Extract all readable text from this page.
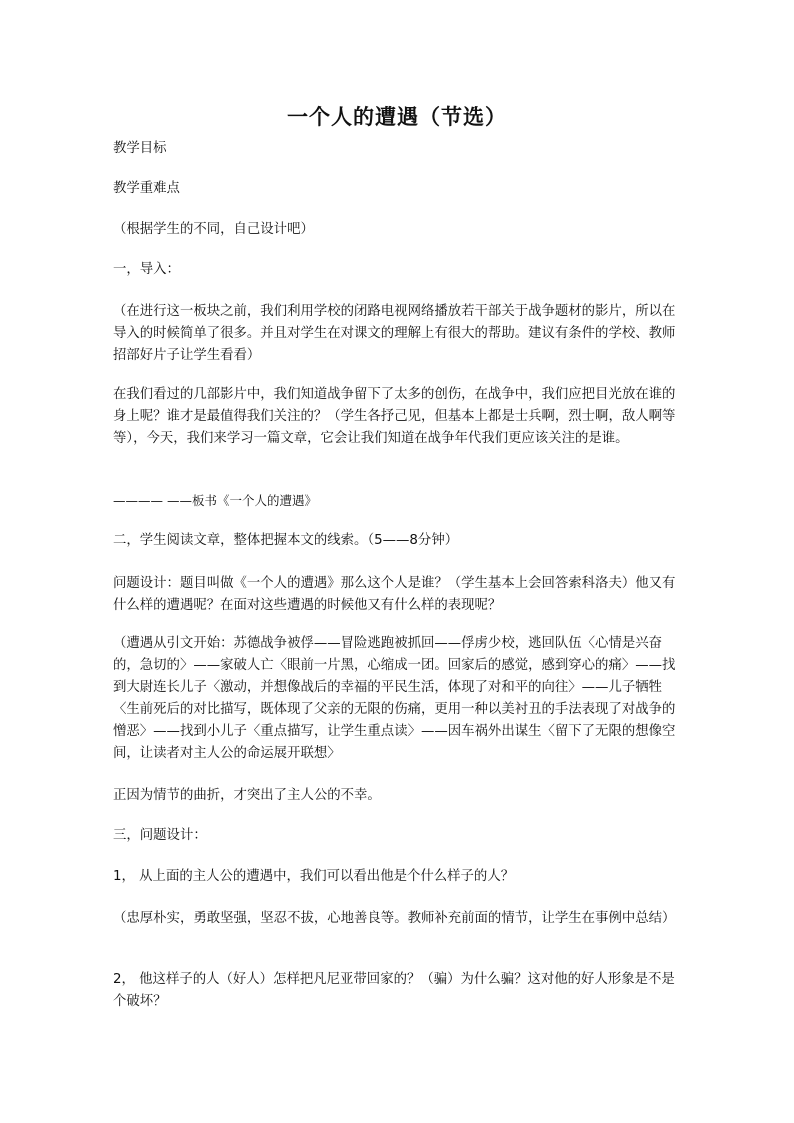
一个人的遭遇（节选）

教学目标

教学重难点

（根据学生的不同，自己设计吧）

一，导入：

（在进行这一板块之前，我们利用学校的闭路电视网络播放若干部关于战争题材的影片，所以在导入的时候简单了很多。并且对学生在对课文的理解上有很大的帮助。建议有条件的学校、教师招部好片子让学生看看）

在我们看过的几部影片中，我们知道战争留下了太多的创伤，在战争中，我们应把目光放在谁的身上呢？谁才是最值得我们关注的？（学生各抒己见，但基本上都是士兵啊，烈士啊，敌人啊等等），今天，我们来学习一篇文章，它会让我们知道在战争年代我们更应该关注的是谁。

———— ——板书《一个人的遭遇》

二，学生阅读文章，整体把握本文的线索。（5——8分钟）

问题设计：题目叫做《一个人的遭遇》那么这个人是谁？（学生基本上会回答索科洛夫）他又有什么样的遭遇呢？在面对这些遭遇的时候他又有什么样的表现呢？

（遭遇从引文开始：苏德战争被俘——冒险逃跑被抓回——俘虏少校，逃回队伍〈心情是兴奋的，急切的〉——家破人亡〈眼前一片黑，心缩成一团。回家后的感觉，感到穿心的痛〉——找到大尉连长儿子〈激动，并想像战后的幸福的平民生活，体现了对和平的向往〉——儿子牺牲〈生前死后的对比描写，既体现了父亲的无限的伤痛，更用一种以美衬丑的手法表现了对战争的憎恶〉——找到小儿子〈重点描写，让学生重点读〉——因车祸外出谋生〈留下了无限的想像空间，让读者对主人公的命运展开联想〉

正因为情节的曲折，才突出了主人公的不幸。

三，问题设计：

1， 从上面的主人公的遭遇中，我们可以看出他是个什么样子的人？

（忠厚朴实，勇敢坚强，坚忍不拔，心地善良等。教师补充前面的情节，让学生在事例中总结）

2， 他这样子的人（好人）怎样把凡尼亚带回家的？（骗）为什么骗？这对他的好人形象是不是个破坏？
